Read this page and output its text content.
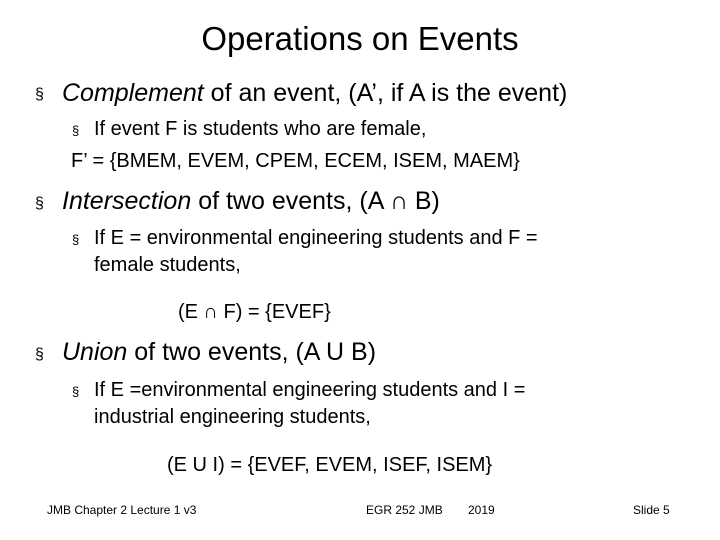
Operations on Events
§ Complement of an event, (A’, if A is the event)
§ If event F is students who are female,
F’ = {BMEM, EVEM, CPEM, ECEM, ISEM, MAEM}
§ Intersection of two events, (A ∩ B)
§ If E = environmental engineering students and F =
female students,
(E ∩ F) = {EVEF}
§ Union of two events, (A U B)
§ If E =environmental engineering students and I =
industrial engineering students,
(E U I) = {EVEF, EVEM, ISEF, ISEM}
JMB Chapter 2 Lecture 1 v3	EGR 252 JMB 2019	Slide 5
